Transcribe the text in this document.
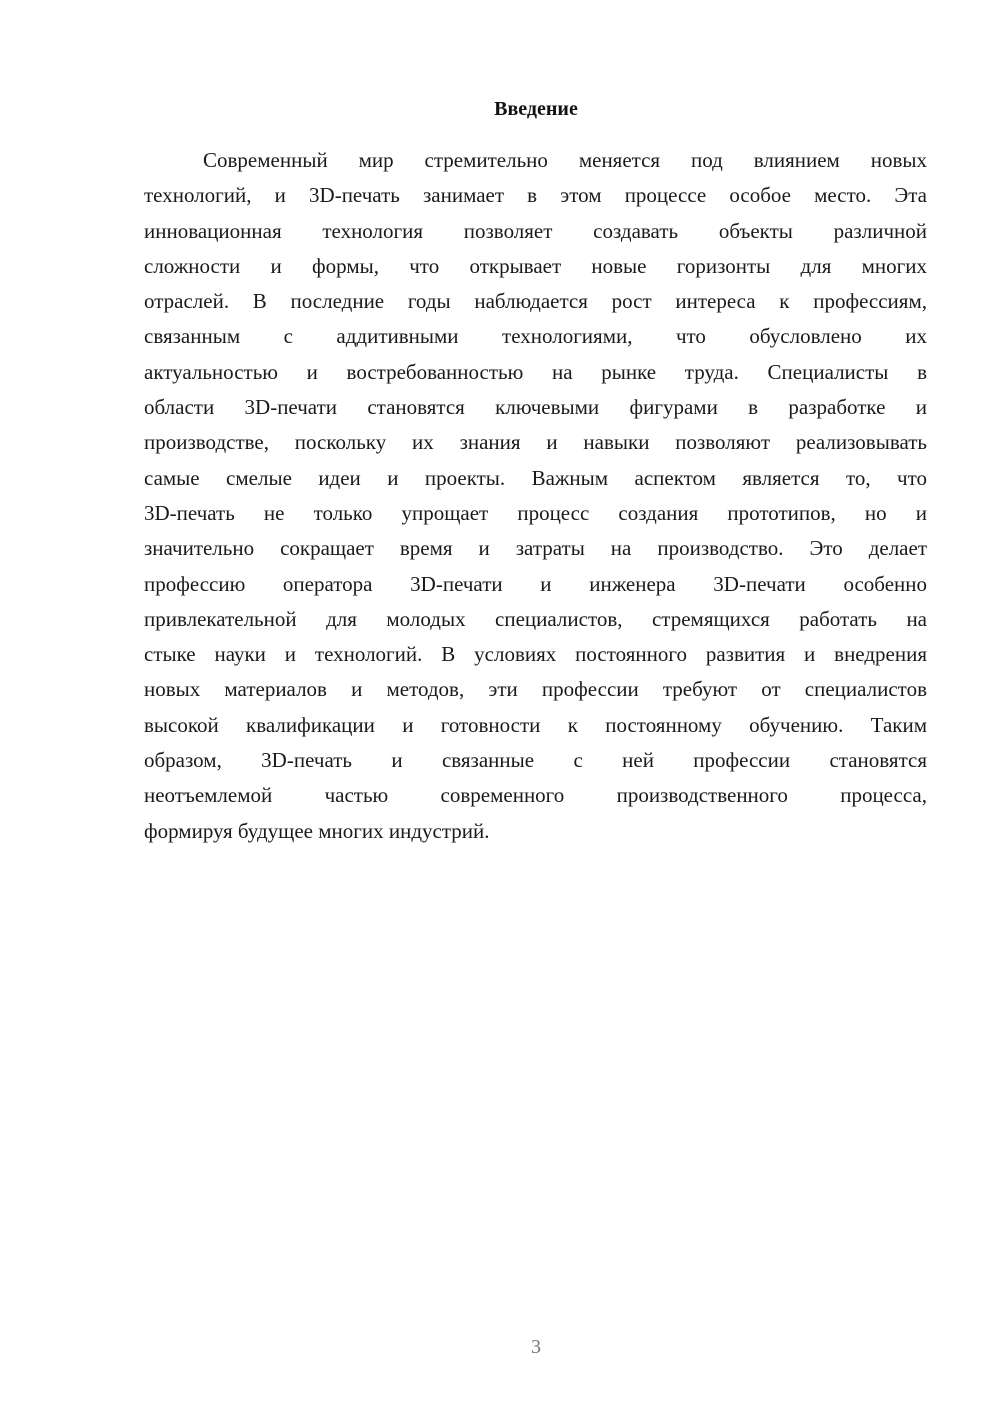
Введение
Современный мир стремительно меняется под влиянием новых
технологий, и 3D-печать занимает в этом процессе особое место. Эта
инновационная технология позволяет создавать объекты различной
сложности и формы, что открывает новые горизонты для многих
отраслей. В последние годы наблюдается рост интереса к профессиям,
связанным с аддитивными технологиями, что обусловлено их
актуальностью и востребованностью на рынке труда. Специалисты в
области 3D-печати становятся ключевыми фигурами в разработке и
производстве, поскольку их знания и навыки позволяют реализовывать
самые смелые идеи и проекты. Важным аспектом является то, что
3D-печать не только упрощает процесс создания прототипов, но и
значительно сокращает время и затраты на производство. Это делает
профессию оператора 3D-печати и инженера 3D-печати особенно
привлекательной для молодых специалистов, стремящихся работать на
стыке науки и технологий. В условиях постоянного развития и внедрения
новых материалов и методов, эти профессии требуют от специалистов
высокой квалификации и готовности к постоянному обучению. Таким
образом, 3D-печать и связанные с ней профессии становятся
неотъемлемой частью современного производственного процесса,
формируя будущее многих индустрий.
3
